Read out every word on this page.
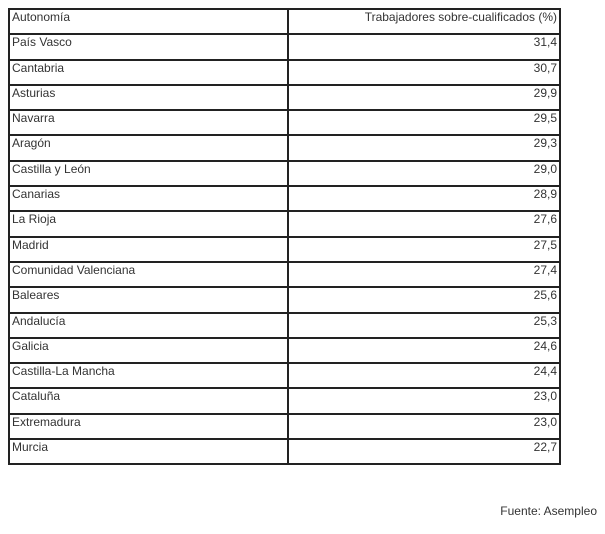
Autonomía	Trabajadores sobre-cualificados (%)
País Vasco	31,4
Cantabria	30,7
Asturias	29,9
Navarra	29,5
Aragón	29,3
Castilla y León	29,0
Canarias	28,9
La Rioja	27,6
Madrid	27,5
Comunidad Valenciana	27,4
Baleares	25,6
Andalucía	25,3
Galicia	24,6
Castilla-La Mancha	24,4
Cataluña	23,0
Extremadura	23,0
Murcia	22,7
Fuente: Asempleo
